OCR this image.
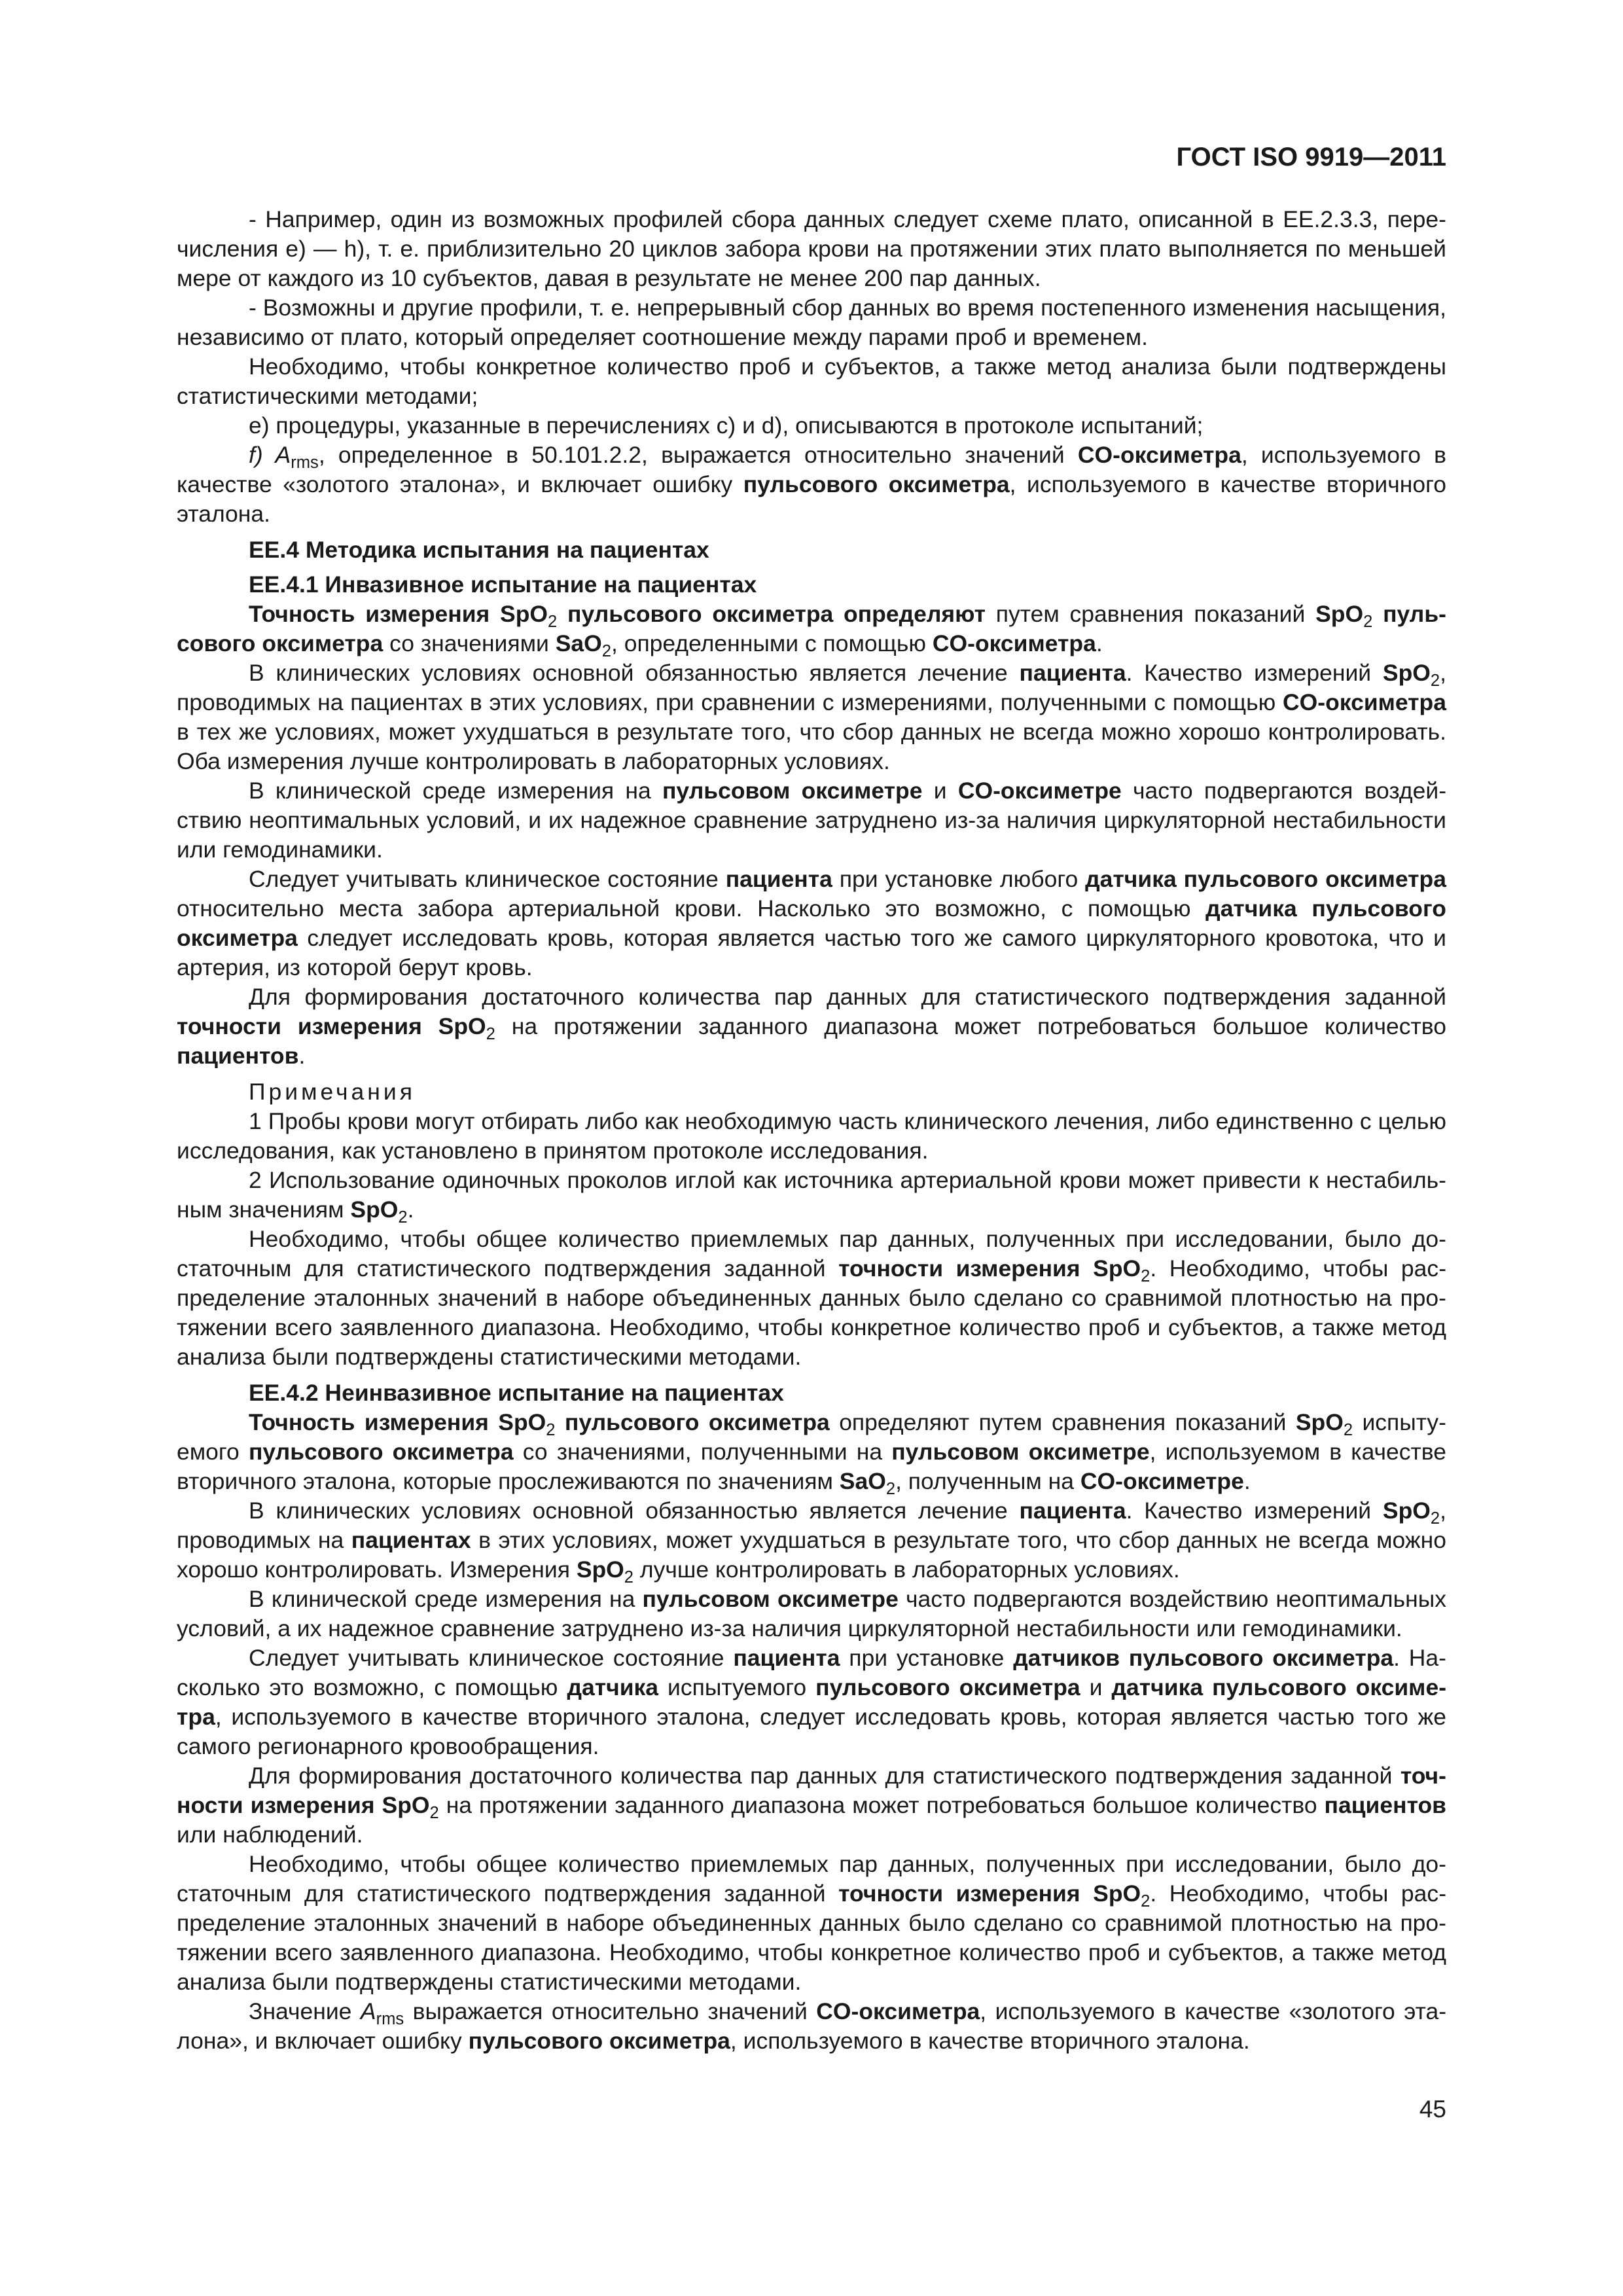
ГОСТ ISO 9919—2011

- Например, один из возможных профилей сбора данных следует схеме плато, описанной в EE.2.3.3, перечисления e) — h), т. е. приблизительно 20 циклов забора крови на протяжении этих плато выполняется по меньшей мере от каждого из 10 субъектов, давая в результате не менее 200 пар данных.

- Возможны и другие профили, т. е. непрерывный сбор данных во время постепенного изменения насыщения, независимо от плато, который определяет соотношение между парами проб и временем.

Необходимо, чтобы конкретное количество проб и субъектов, а также метод анализа были подтверждены статистическими методами;

e) процедуры, указанные в перечислениях c) и d), описываются в протоколе испытаний;

f) $A_{rms}$, определенное в 50.101.2.2, выражается относительно значений CO-оксиметра, используемого в качестве «золотого эталона», и включает ошибку пульсового оксиметра, используемого в качестве вторичного эталона.

EE.4 Методика испытания на пациентах

EE.4.1 Инвазивное испытание на пациентах

Точность измерения SpO$_2$ пульсового оксиметра определяют путем сравнения показаний SpO$_2$ пульсового оксиметра со значениями SaO$_2$, определенными с помощью CO-оксиметра.

В клинических условиях основной обязанностью является лечение пациента. Качество измерений SpO$_2$, проводимых на пациентах в этих условиях, при сравнении с измерениями, полученными с помощью CO-оксиметра в тех же условиях, может ухудшаться в результате того, что сбор данных не всегда можно хорошо контролировать. Оба измерения лучше контролировать в лабораторных условиях.

В клинической среде измерения на пульсовом оксиметре и CO-оксиметре часто подвергаются воздействию неоптимальных условий, и их надежное сравнение затруднено из-за наличия циркуляторной нестабильности или гемодинамики.

Следует учитывать клиническое состояние пациента при установке любого датчика пульсового оксиметра относительно места забора артериальной крови. Насколько это возможно, с помощью датчика пульсового оксиметра следует исследовать кровь, которая является частью того же самого циркуляторного кровотока, что и артерия, из которой берут кровь.

Для формирования достаточного количества пар данных для статистического подтверждения заданной точности измерения SpO$_2$ на протяжении заданного диапазона может потребоваться большое количество пациентов.

Примечания

1 Пробы крови могут отбирать либо как необходимую часть клинического лечения, либо единственно с целью исследования, как установлено в принятом протоколе исследования.

2 Использование одиночных проколов иглой как источника артериальной крови может привести к нестабильным значениям SpO$_2$.

Необходимо, чтобы общее количество приемлемых пар данных, полученных при исследовании, было достаточным для статистического подтверждения заданной точности измерения SpO$_2$. Необходимо, чтобы распределение эталонных значений в наборе объединенных данных было сделано со сравнимой плотностью на протяжении всего заявленного диапазона. Необходимо, чтобы конкретное количество проб и субъектов, а также метод анализа были подтверждены статистическими методами.

EE.4.2 Неинвазивное испытание на пациентах

Точность измерения SpO$_2$ пульсового оксиметра определяют путем сравнения показаний SpO$_2$ испытуемого пульсового оксиметра со значениями, полученными на пульсовом оксиметре, используемом в качестве вторичного эталона, которые прослеживаются по значениям SaO$_2$, полученным на CO-оксиметре.

В клинических условиях основной обязанностью является лечение пациента. Качество измерений SpO$_2$, проводимых на пациентах в этих условиях, может ухудшаться в результате того, что сбор данных не всегда можно хорошо контролировать. Измерения SpO$_2$ лучше контролировать в лабораторных условиях.

В клинической среде измерения на пульсовом оксиметре часто подвергаются воздействию неоптимальных условий, а их надежное сравнение затруднено из-за наличия циркуляторной нестабильности или гемодинамики.

Следует учитывать клиническое состояние пациента при установке датчиков пульсового оксиметра. Насколько это возможно, с помощью датчика испытуемого пульсового оксиметра и датчика пульсового оксиметра, используемого в качестве вторичного эталона, следует исследовать кровь, которая является частью того же самого регионарного кровообращения.

Для формирования достаточного количества пар данных для статистического подтверждения заданной точности измерения SpO$_2$ на протяжении заданного диапазона может потребоваться большое количество пациентов или наблюдений.

Необходимо, чтобы общее количество приемлемых пар данных, полученных при исследовании, было достаточным для статистического подтверждения заданной точности измерения SpO$_2$. Необходимо, чтобы распределение эталонных значений в наборе объединенных данных было сделано со сравнимой плотностью на протяжении всего заявленного диапазона. Необходимо, чтобы конкретное количество проб и субъектов, а также метод анализа были подтверждены статистическими методами.

Значение $A_{rms}$ выражается относительно значений CO-оксиметра, используемого в качестве «золотого эталона», и включает ошибку пульсового оксиметра, используемого в качестве вторичного эталона.

45
